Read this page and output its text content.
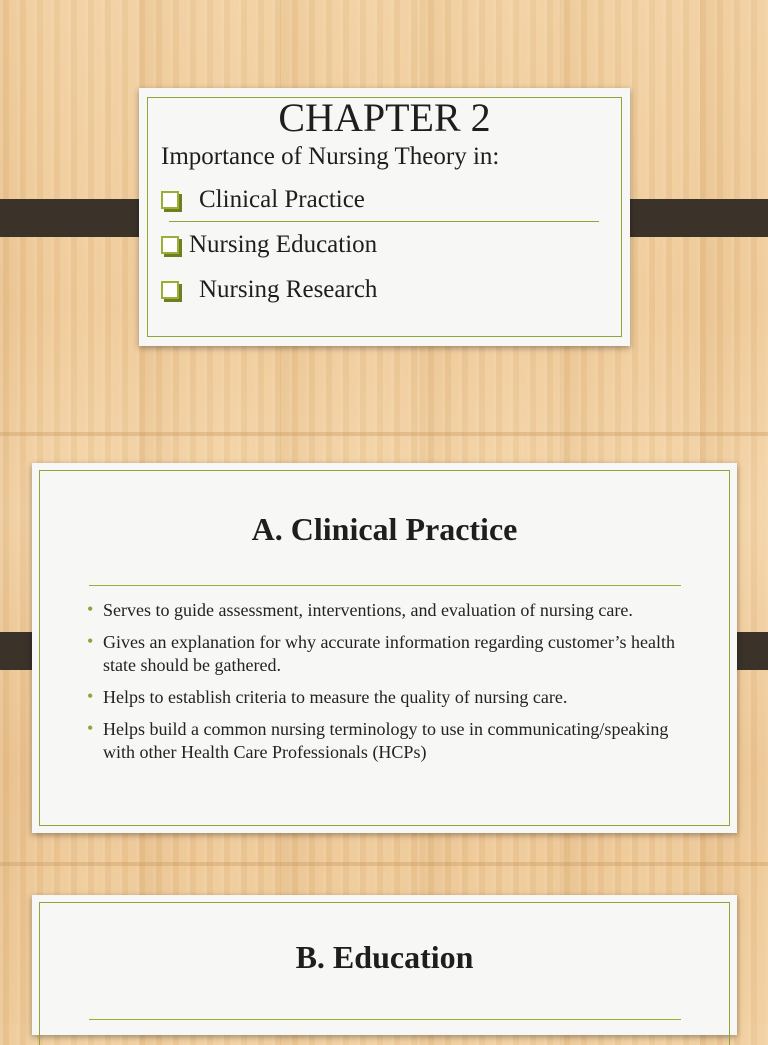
CHAPTER 2
Importance of Nursing Theory in:
Clinical Practice
Nursing Education
Nursing Research
A. Clinical Practice
• Serves to guide assessment, interventions, and evaluation of nursing care.
• Gives an explanation for why accurate information regarding customer’s health state should be gathered.
• Helps to establish criteria to measure the quality of nursing care.
• Helps build a common nursing terminology to use in communicating/speaking with other Health Care Professionals (HCPs)
B. Education
